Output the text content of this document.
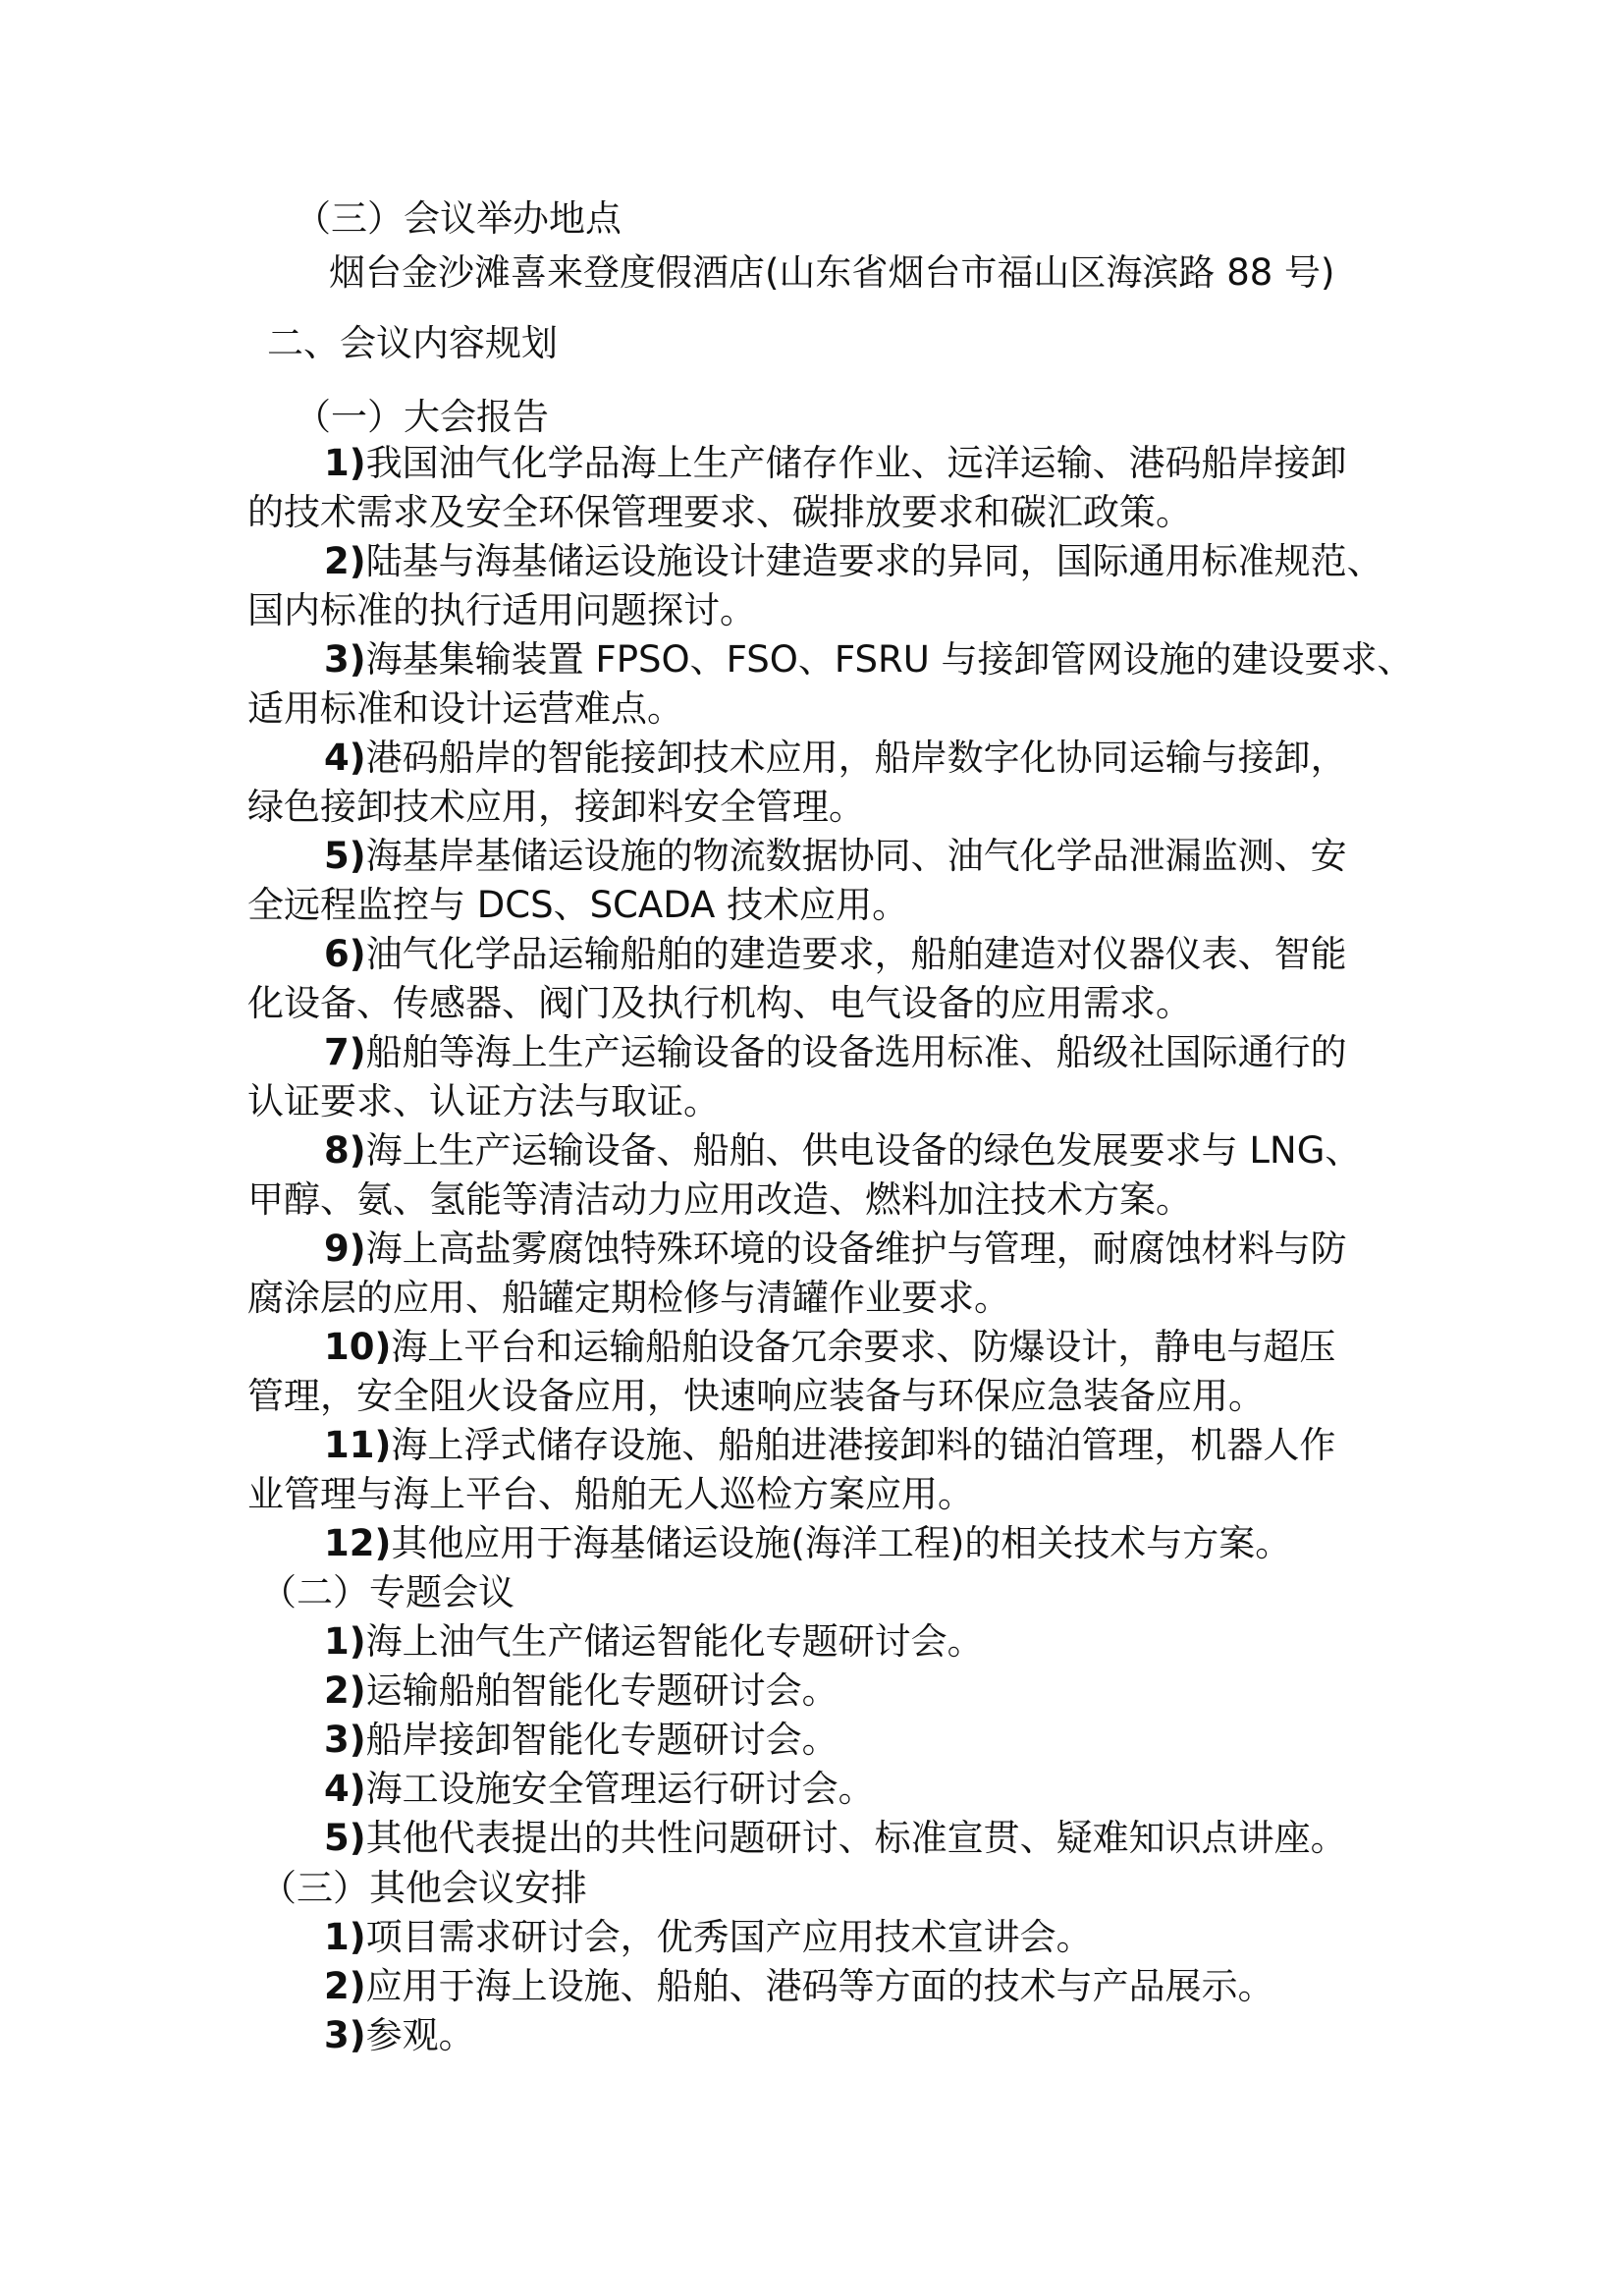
（三）会议举办地点
烟台金沙滩喜来登度假酒店(山东省烟台市福山区海滨路 88 号)
二、会议内容规划
（一）大会报告
1)我国油气化学品海上生产储存作业、远洋运输、港码船岸接卸
的技术需求及安全环保管理要求、碳排放要求和碳汇政策。
2)陆基与海基储运设施设计建造要求的异同，国际通用标准规范、
国内标准的执行适用问题探讨。
3)海基集输装置 FPSO、FSO、FSRU 与接卸管网设施的建设要求、
适用标准和设计运营难点。
4)港码船岸的智能接卸技术应用，船岸数字化协同运输与接卸，
绿色接卸技术应用，接卸料安全管理。
5)海基岸基储运设施的物流数据协同、油气化学品泄漏监测、安
全远程监控与 DCS、SCADA 技术应用。
6)油气化学品运输船舶的建造要求，船舶建造对仪器仪表、智能
化设备、传感器、阀门及执行机构、电气设备的应用需求。
7)船舶等海上生产运输设备的设备选用标准、船级社国际通行的
认证要求、认证方法与取证。
8)海上生产运输设备、船舶、供电设备的绿色发展要求与 LNG、
甲醇、氨、氢能等清洁动力应用改造、燃料加注技术方案。
9)海上高盐雾腐蚀特殊环境的设备维护与管理，耐腐蚀材料与防
腐涂层的应用、船罐定期检修与清罐作业要求。
10)海上平台和运输船舶设备冗余要求、防爆设计，静电与超压
管理，安全阻火设备应用，快速响应装备与环保应急装备应用。
11)海上浮式储存设施、船舶进港接卸料的锚泊管理，机器人作
业管理与海上平台、船舶无人巡检方案应用。
12)其他应用于海基储运设施(海洋工程)的相关技术与方案。
（二）专题会议
1)海上油气生产储运智能化专题研讨会。
2)运输船舶智能化专题研讨会。
3)船岸接卸智能化专题研讨会。
4)海工设施安全管理运行研讨会。
5)其他代表提出的共性问题研讨、标准宣贯、疑难知识点讲座。
（三）其他会议安排
1)项目需求研讨会，优秀国产应用技术宣讲会。
2)应用于海上设施、船舶、港码等方面的技术与产品展示。
3)参观。
